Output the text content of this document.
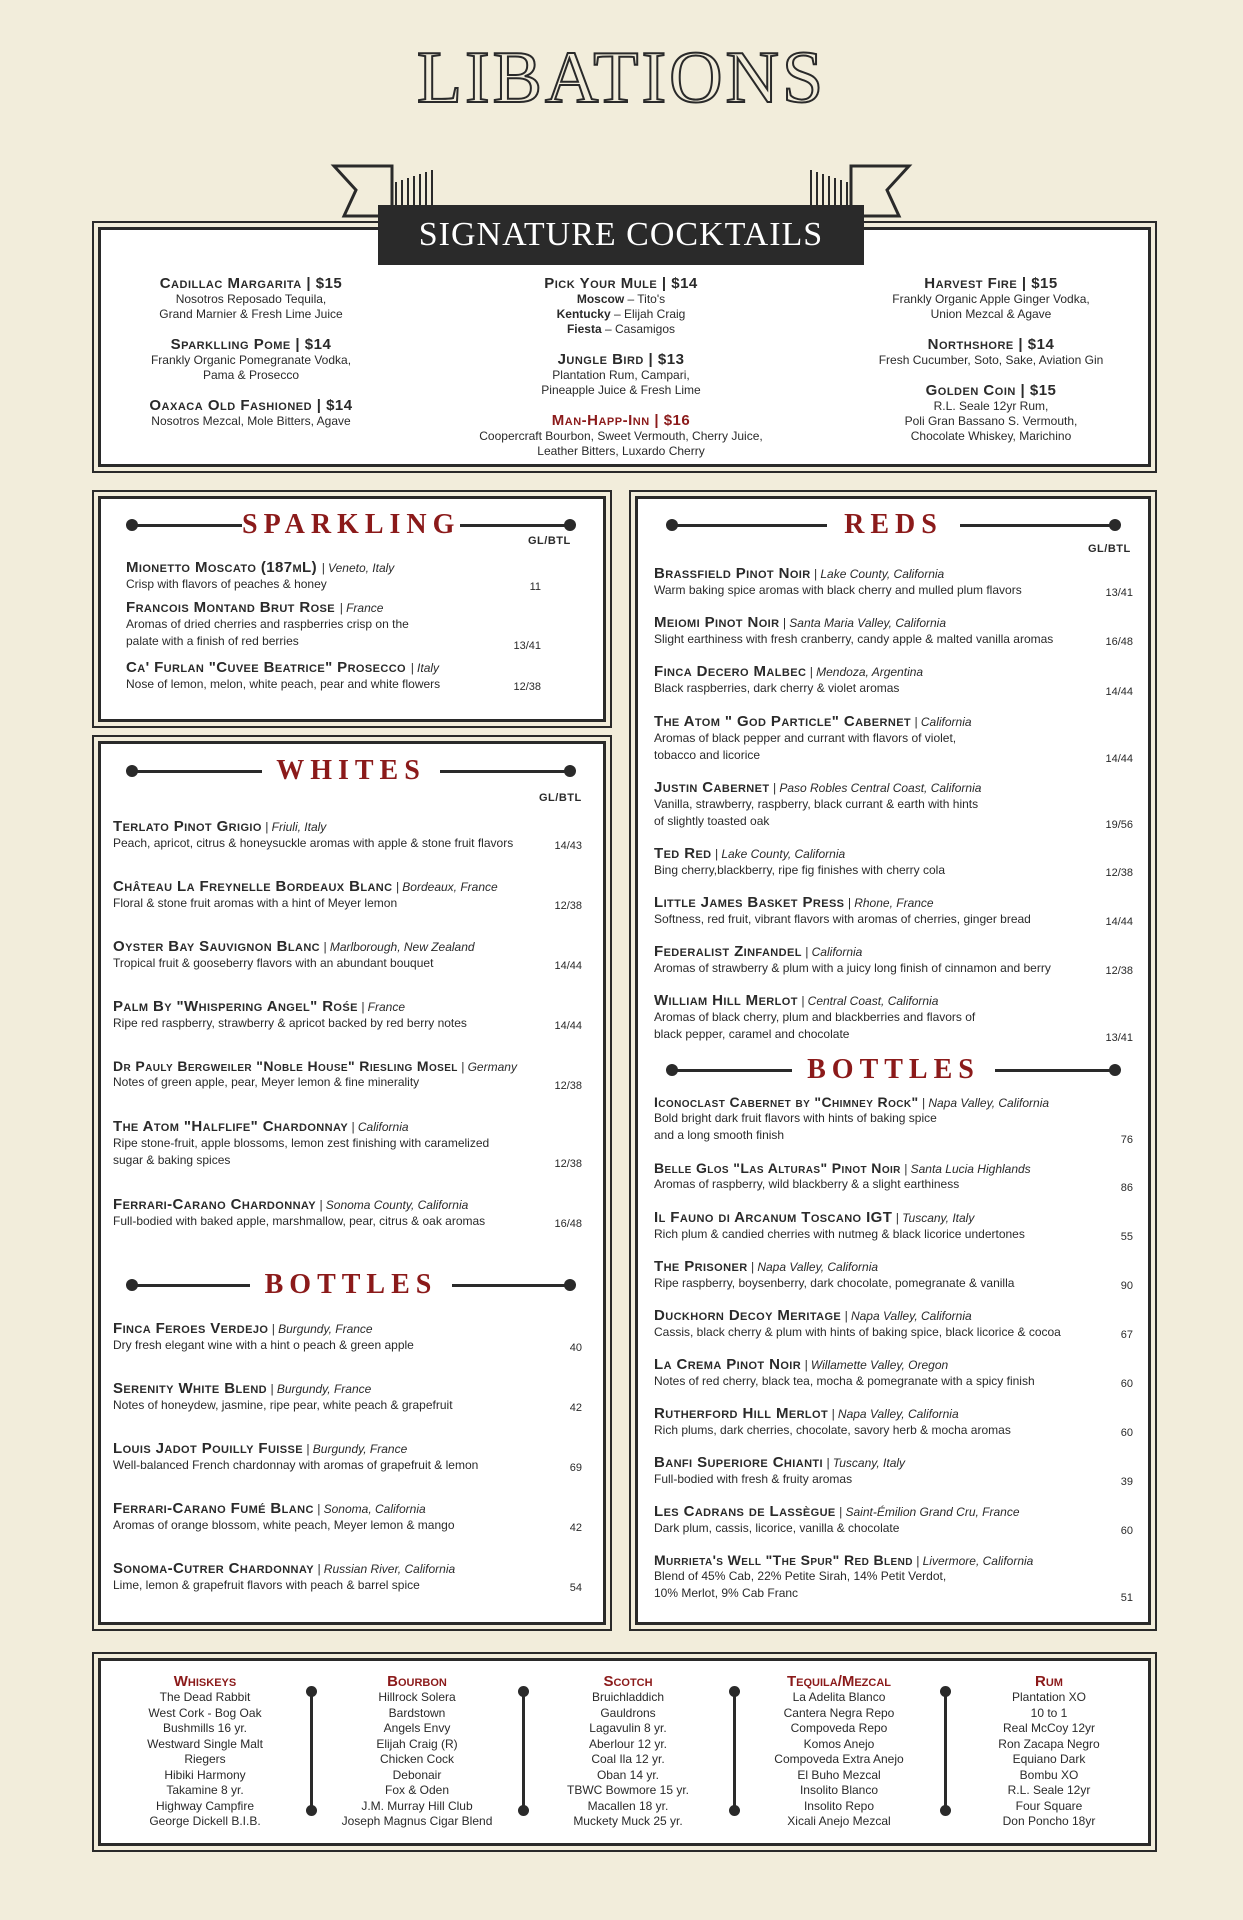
LIBATIONS
Cadillac Margarita | $15
Nosotros Reposado Tequila,
Grand Marnier & Fresh Lime Juice
Sparklling Pome | $14
Frankly Organic Pomegranate Vodka,
Pama & Prosecco
Oaxaca Old Fashioned | $14
Nosotros Mezcal, Mole Bitters, Agave
Pick Your Mule | $14
Moscow – Tito's
Kentucky – Elijah Craig
Fiesta – Casamigos
Jungle Bird | $13
Plantation Rum, Campari,
Pineapple Juice & Fresh Lime
Man-Happ-Inn | $16
Coopercraft Bourbon, Sweet Vermouth, Cherry Juice,
Leather Bitters, Luxardo Cherry
Harvest Fire | $15
Frankly Organic Apple Ginger Vodka,
Union Mezcal & Agave
Northshore | $14
Fresh Cucumber, Soto, Sake, Aviation Gin
Golden Coin | $15
R.L. Seale 12yr Rum,
Poli Gran Bassano S. Vermouth,
Chocolate Whiskey, Marichino
SIGNATURE COCKTAILS
SPARKLING
GL/BTL
Mionetto Moscato (187mL) | Veneto, Italy
Crisp with flavors of peaches & honey	11
Francois Montand Brut Rose | France
Aromas of dried cherries and raspberries crisp on the
palate with a finish of red berries	13/41
Ca' Furlan "Cuvee Beatrice" Prosecco | Italy
Nose of lemon, melon, white peach, pear and white flowers	12/38
WHITES
GL/BTL
Terlato Pinot Grigio | Friuli, Italy
Peach, apricot, citrus & honeysuckle aromas with apple & stone fruit flavors	14/43
Château La Freynelle Bordeaux Blanc | Bordeaux, France
Floral & stone fruit aromas with a hint of Meyer lemon	12/38
Oyster Bay Sauvignon Blanc | Marlborough, New Zealand
Tropical fruit & gooseberry flavors with an abundant bouquet	14/44
Palm By "Whispering Angel" Rośe | France
Ripe red raspberry, strawberry & apricot backed by red berry notes	14/44
Dr Pauly Bergweiler "Noble House" Riesling Mosel | Germany
Notes of green apple, pear, Meyer lemon & fine minerality	12/38
The Atom "Halflife" Chardonnay | California
Ripe stone-fruit, apple blossoms, lemon zest finishing with caramelized
sugar & baking spices	12/38
Ferrari-Carano Chardonnay | Sonoma County, California
Full-bodied with baked apple, marshmallow, pear, citrus & oak aromas	16/48
BOTTLES
Finca Feroes Verdejo | Burgundy, France
Dry fresh elegant wine with a hint o peach & green apple	40
Serenity White Blend | Burgundy, France
Notes of honeydew, jasmine, ripe pear, white peach & grapefruit	42
Louis Jadot Pouilly Fuisse | Burgundy, France
Well-balanced French chardonnay with aromas of grapefruit & lemon	69
Ferrari-Carano Fumé Blanc | Sonoma, California
Aromas of orange blossom, white peach, Meyer lemon & mango	42
Sonoma-Cutrer Chardonnay | Russian River, California
Lime, lemon & grapefruit flavors with peach & barrel spice	54
REDS
GL/BTL
Brassfield Pinot Noir | Lake County, California
Warm baking spice aromas with black cherry and mulled plum flavors	13/41
Meiomi Pinot Noir | Santa Maria Valley, California
Slight earthiness with fresh cranberry, candy apple & malted vanilla aromas	16/48
Finca Decero Malbec | Mendoza, Argentina
Black raspberries, dark cherry & violet aromas	14/44
The Atom " God Particle" Cabernet | California
Aromas of black pepper and currant with flavors of violet,
tobacco and licorice	14/44
Justin Cabernet | Paso Robles Central Coast, California
Vanilla, strawberry, raspberry, black currant & earth with hints
of slightly toasted oak	19/56
Ted Red | Lake County, California
Bing cherry,blackberry, ripe fig finishes with cherry cola	12/38
Little James Basket Press | Rhone, France
Softness, red fruit, vibrant flavors with aromas of cherries, ginger bread	14/44
Federalist Zinfandel | California
Aromas of strawberry & plum with a juicy long finish of cinnamon and berry	12/38
William Hill Merlot | Central Coast, California
Aromas of black cherry, plum and blackberries and flavors of
black pepper, caramel and chocolate	13/41
BOTTLES
Iconoclast Cabernet by "Chimney Rock" | Napa Valley, California
Bold bright dark fruit flavors with hints of baking spice
and a long smooth finish	76
Belle Glos "Las Alturas" Pinot Noir | Santa Lucia Highlands
Aromas of raspberry, wild blackberry & a slight earthiness	86
Il Fauno di Arcanum Toscano IGT | Tuscany, Italy
Rich plum & candied cherries with nutmeg & black licorice undertones	55
The Prisoner | Napa Valley, California
Ripe raspberry, boysenberry, dark chocolate, pomegranate & vanilla	90
Duckhorn Decoy Meritage | Napa Valley, California
Cassis, black cherry & plum with hints of baking spice, black licorice & cocoa	67
La Crema Pinot Noir | Willamette Valley, Oregon
Notes of red cherry, black tea, mocha & pomegranate with a spicy finish	60
Rutherford Hill Merlot | Napa Valley, California
Rich plums, dark cherries, chocolate, savory herb & mocha aromas	60
Banfi Superiore Chianti | Tuscany, Italy
Full-bodied with fresh & fruity aromas	39
Les Cadrans de Lassègue | Saint-Émilion Grand Cru, France
Dark plum, cassis, licorice, vanilla & chocolate	60
Murrieta's Well "The Spur" Red Blend | Livermore, California
Blend of 45% Cab, 22% Petite Sirah, 14% Petit Verdot,
10% Merlot, 9% Cab Franc	51
Whiskeys
The Dead Rabbit
West Cork - Bog Oak
Bushmills 16 yr.
Westward Single Malt
Riegers
Hibiki Harmony
Takamine 8 yr.
Highway Campfire
George Dickell B.I.B.
Bourbon
Hillrock Solera
Bardstown
Angels Envy
Elijah Craig (R)
Chicken Cock
Debonair
Fox & Oden
J.M. Murray Hill Club
Joseph Magnus Cigar Blend
Scotch
Bruichladdich
Gauldrons
Lagavulin 8 yr.
Aberlour 12 yr.
Coal Ila 12 yr.
Oban 14 yr.
TBWC Bowmore 15 yr.
Macallen 18 yr.
Muckety Muck 25 yr.
Tequila/Mezcal
La Adelita Blanco
Cantera Negra Repo
Compoveda Repo
Komos Anejo
Compoveda Extra Anejo
El Buho Mezcal
Insolito Blanco
Insolito Repo
Xicali Anejo Mezcal
Rum
Plantation XO
10 to 1
Real McCoy 12yr
Ron Zacapa Negro
Equiano Dark
Bombu XO
R.L. Seale 12yr
Four Square
Don Poncho 18yr
